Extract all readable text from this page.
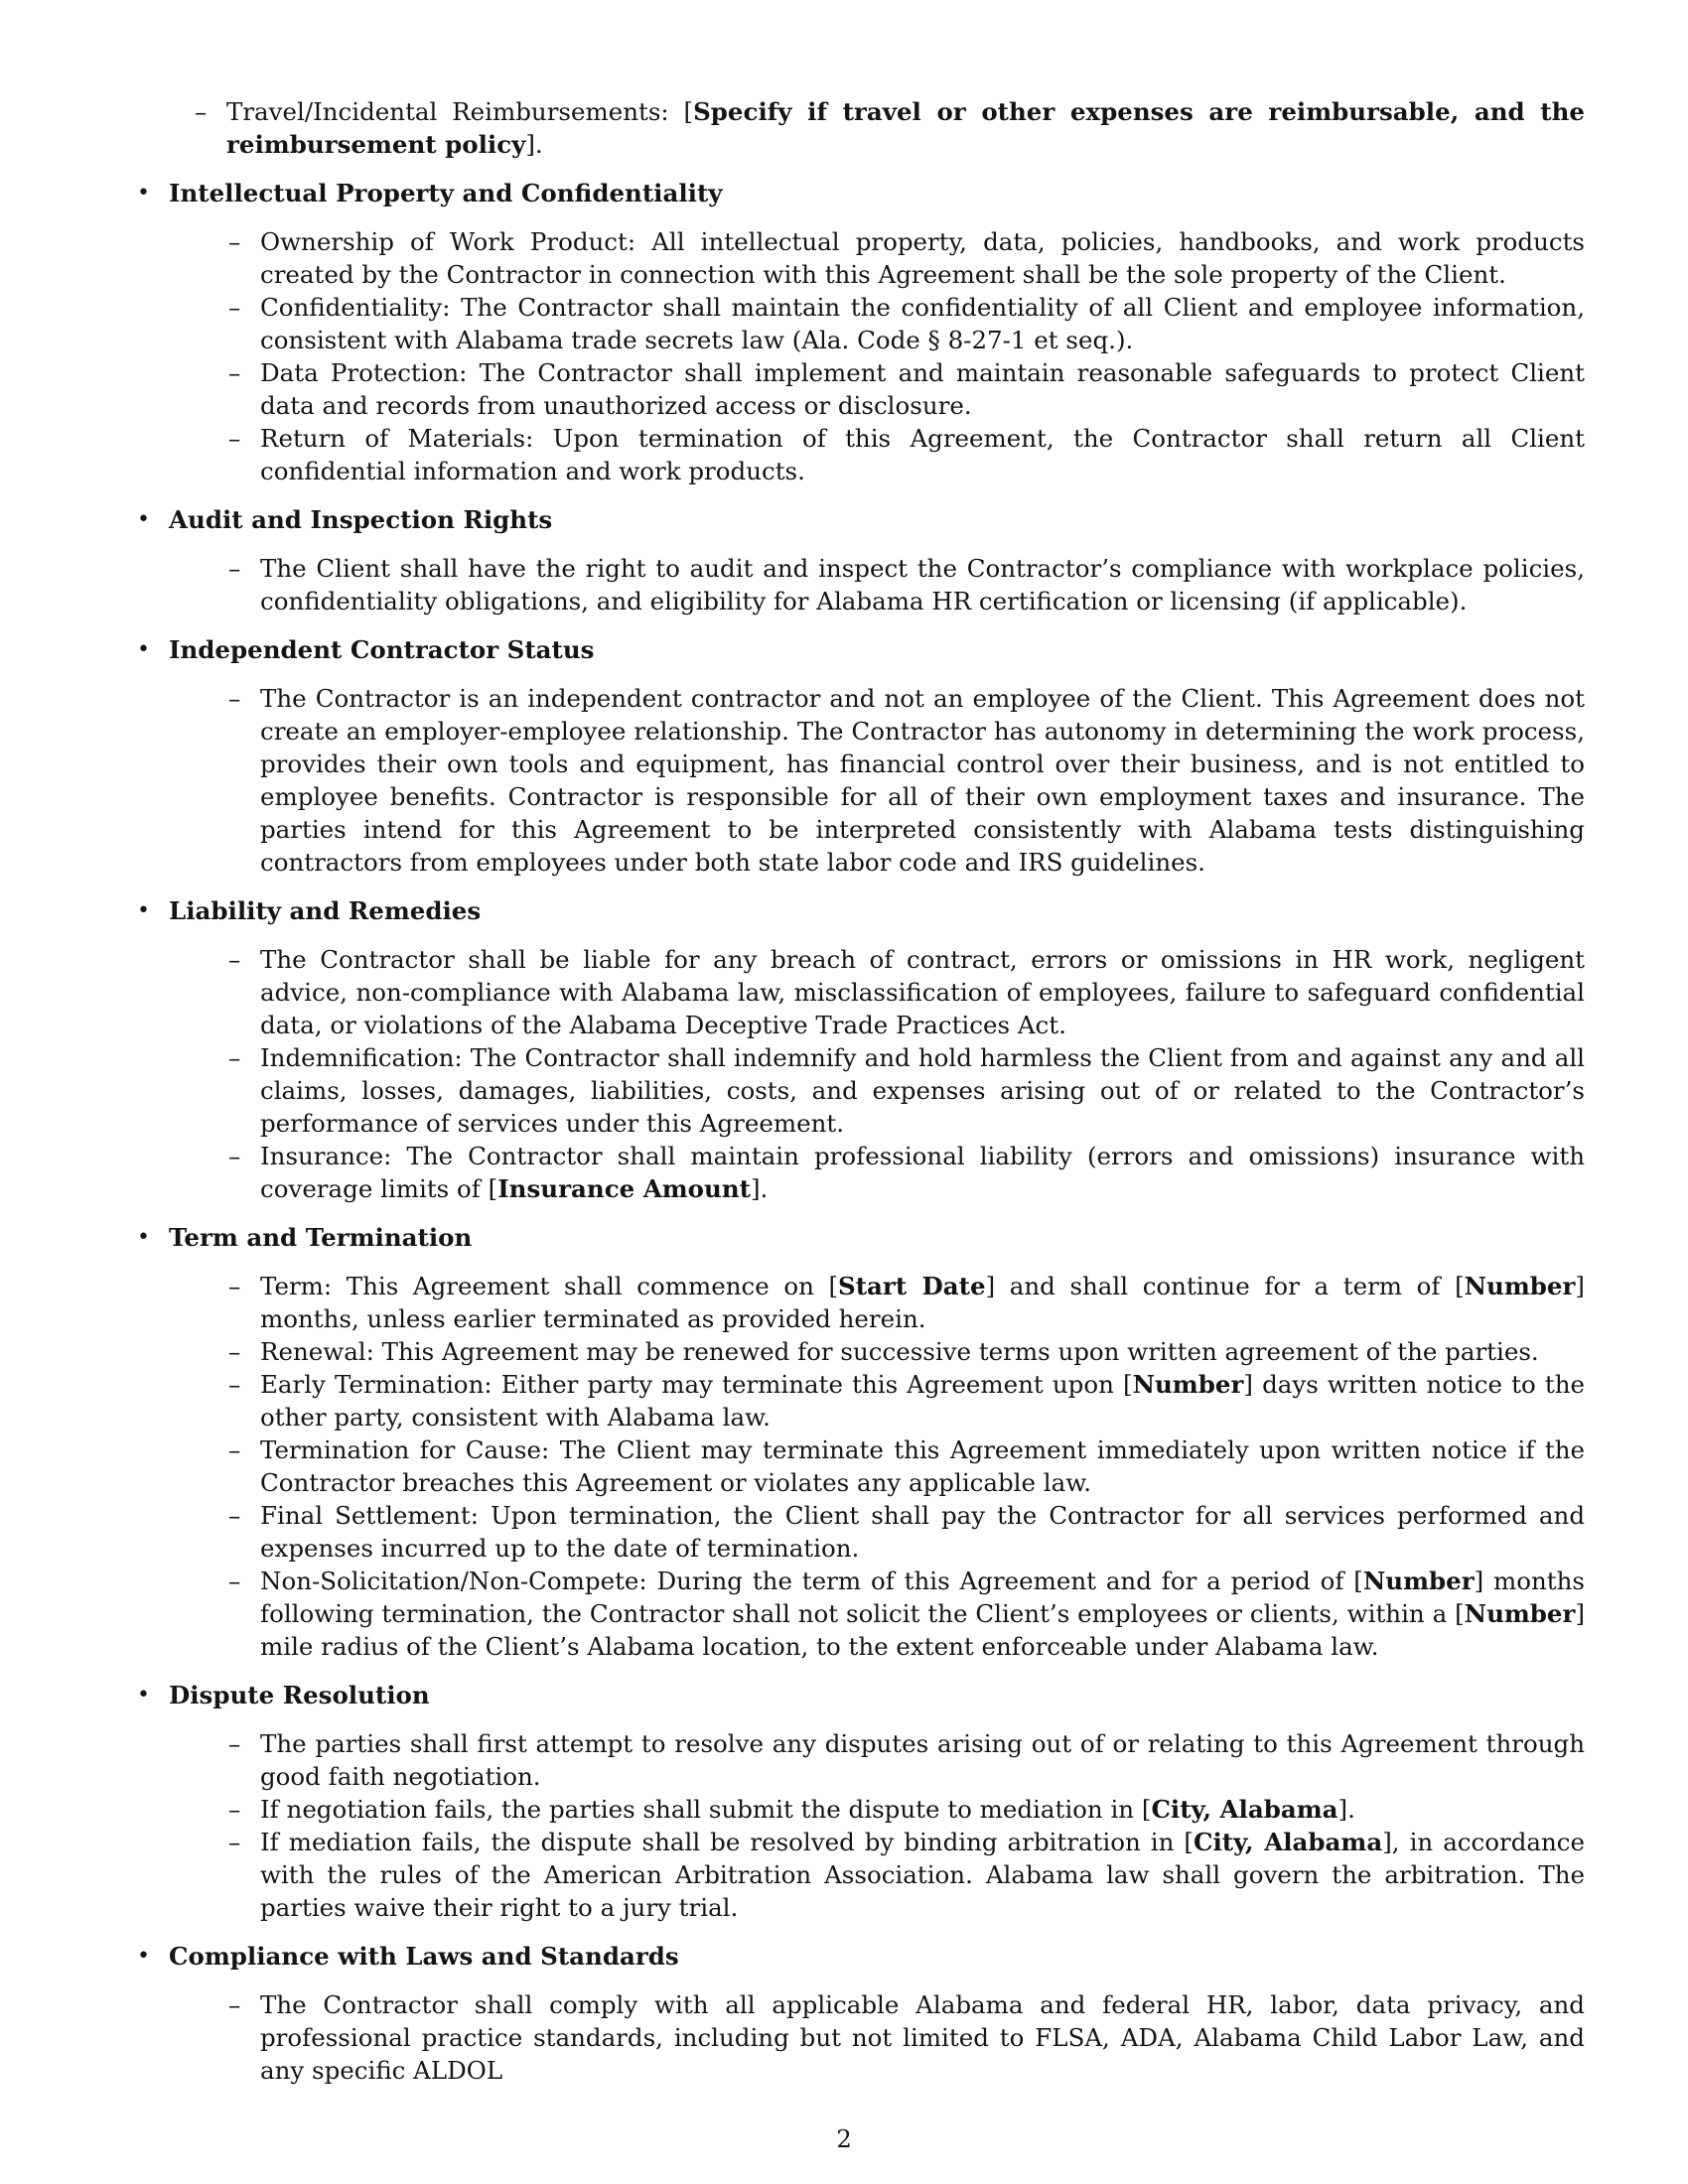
– Travel/Incidental Reimbursements: [Specify if travel or other expenses are reimbursable, and the reimbursement policy].
• Intellectual Property and Confidentiality
– Ownership of Work Product: All intellectual property, data, policies, handbooks, and work products created by the Contractor in connection with this Agreement shall be the sole property of the Client.
– Confidentiality: The Contractor shall maintain the confidentiality of all Client and employee information, consistent with Alabama trade secrets law (Ala. Code § 8-27-1 et seq.).
– Data Protection: The Contractor shall implement and maintain reasonable safeguards to protect Client data and records from unauthorized access or disclosure.
– Return of Materials: Upon termination of this Agreement, the Contractor shall return all Client confidential information and work products.
• Audit and Inspection Rights
– The Client shall have the right to audit and inspect the Contractor’s compliance with workplace policies, confidentiality obligations, and eligibility for Alabama HR certification or licensing (if applicable).
• Independent Contractor Status
– The Contractor is an independent contractor and not an employee of the Client. This Agreement does not create an employer-employee relationship. The Contractor has autonomy in determining the work process, provides their own tools and equipment, has financial control over their business, and is not entitled to employee benefits. Contractor is responsible for all of their own employment taxes and insurance. The parties intend for this Agreement to be interpreted consistently with Alabama tests distinguishing contractors from employees under both state labor code and IRS guidelines.
• Liability and Remedies
– The Contractor shall be liable for any breach of contract, errors or omissions in HR work, negligent advice, non-compliance with Alabama law, misclassification of employees, failure to safeguard confidential data, or violations of the Alabama Deceptive Trade Practices Act.
– Indemnification: The Contractor shall indemnify and hold harmless the Client from and against any and all claims, losses, damages, liabilities, costs, and expenses arising out of or related to the Contractor’s performance of services under this Agreement.
– Insurance: The Contractor shall maintain professional liability (errors and omissions) insurance with coverage limits of [Insurance Amount].
• Term and Termination
– Term: This Agreement shall commence on [Start Date] and shall continue for a term of [Number] months, unless earlier terminated as provided herein.
– Renewal: This Agreement may be renewed for successive terms upon written agreement of the parties.
– Early Termination: Either party may terminate this Agreement upon [Number] days written notice to the other party, consistent with Alabama law.
– Termination for Cause: The Client may terminate this Agreement immediately upon written notice if the Contractor breaches this Agreement or violates any applicable law.
– Final Settlement: Upon termination, the Client shall pay the Contractor for all services performed and expenses incurred up to the date of termination.
– Non-Solicitation/Non-Compete: During the term of this Agreement and for a period of [Number] months following termination, the Contractor shall not solicit the Client’s employees or clients, within a [Number] mile radius of the Client’s Alabama location, to the extent enforceable under Alabama law.
• Dispute Resolution
– The parties shall first attempt to resolve any disputes arising out of or relating to this Agreement through good faith negotiation.
– If negotiation fails, the parties shall submit the dispute to mediation in [City, Alabama].
– If mediation fails, the dispute shall be resolved by binding arbitration in [City, Alabama], in accordance with the rules of the American Arbitration Association. Alabama law shall govern the arbitration. The parties waive their right to a jury trial.
• Compliance with Laws and Standards
– The Contractor shall comply with all applicable Alabama and federal HR, labor, data privacy, and professional practice standards, including but not limited to FLSA, ADA, Alabama Child Labor Law, and any specific ALDOL
2
